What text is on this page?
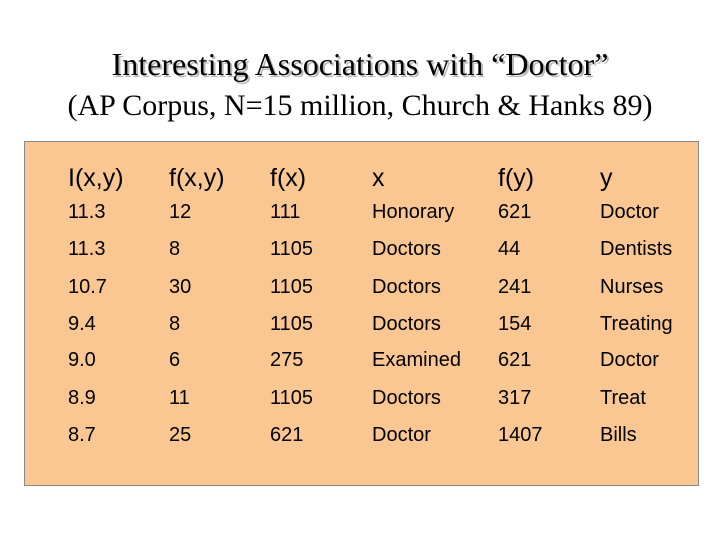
Interesting Associations with “Doctor”
(AP Corpus, N=15 million, Church & Hanks 89)
I(x,y) f(x,y) f(x)	x	f(y)	y
11.3	12	111	Honorary 621	Doctor
11.3	8	1105	Doctors	44	Dentists
10.7	30	1105	Doctors	241	Nurses
9.4	8	1105	Doctors	154	Treating
9.0	6	275	Examined 621	Doctor
8.9	11	1105	Doctors	317	Treat
8.7	25	621	Doctor	1407	Bills
